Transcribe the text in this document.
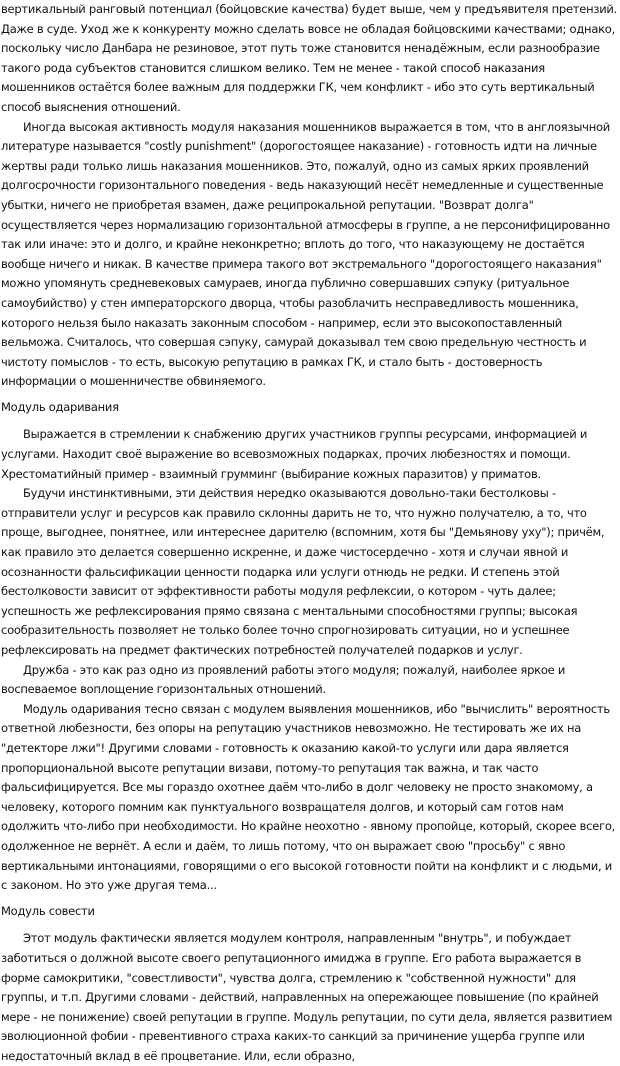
вертикальный ранговый потенциал (бойцовские качества) будет выше, чем у предъявителя претензий. Даже в суде. Уход же к конкуренту можно сделать вовсе не обладая бойцовскими качествами; однако, поскольку число Данбара не резиновое, этот путь тоже становится ненадёжным, если разнообразие такого рода субъектов становится слишком велико. Тем не менее - такой способ наказания мошенников остаётся более важным для поддержки ГК, чем конфликт - ибо это суть вертикальный способ выяснения отношений.

Иногда высокая активность модуля наказания мошенников выражается в том, что в англоязычной литературе называется "costly punishment" (дорогостоящее наказание) - готовность идти на личные жертвы ради только лишь наказания мошенников. Это, пожалуй, одно из самых ярких проявлений долгосрочности горизонтального поведения - ведь наказующий несёт немедленные и существенные убытки, ничего не приобретая взамен, даже реципрокальной репутации. "Возврат долга" осуществляется через нормализацию горизонтальной атмосферы в группе, а не персонифицированно так или иначе: это и долго, и крайне неконкретно; вплоть до того, что наказующему не достаётся вообще ничего и никак. В качестве примера такого вот экстремального "дорогостоящего наказания" можно упомянуть средневековых самураев, иногда публично совершавших сэпуку (ритуальное самоубийство) у стен императорского дворца, чтобы разоблачить несправедливость мошенника, которого нельзя было наказать законным способом - например, если это высокопоставленный вельможа. Считалось, что совершая сэпуку, самурай доказывал тем свою предельную честность и чистоту помыслов - то есть, высокую репутацию в рамках ГК, и стало быть - достоверность информации о мошенничестве обвиняемого.

Модуль одаривания

Выражается в стремлении к снабжению других участников группы ресурсами, информацией и услугами. Находит своё выражение во всевозможных подарках, прочих любезностях и помощи. Хрестоматийный пример - взаимный грумминг (выбирание кожных паразитов) у приматов.

Будучи инстинктивными, эти действия нередко оказываются довольно-таки бестолковы - отправители услуг и ресурсов как правило склонны дарить не то, что нужно получателю, а то, что проще, выгоднее, понятнее, или интереснее дарителю (вспомним, хотя бы "Демьянову уху"); причём, как правило это делается совершенно искренне, и даже чистосердечно - хотя и случаи явной и осознанности фальсификации ценности подарка или услуги отнюдь не редки. И степень этой бестолковости зависит от эффективности работы модуля рефлексии, о котором - чуть далее; успешность же рефлексирования прямо связана с ментальными способностями группы; высокая сообразительность позволяет не только более точно спрогнозировать ситуации, но и успешнее рефлексировать на предмет фактических потребностей получателей подарков и услуг.

Дружба - это как раз одно из проявлений работы этого модуля; пожалуй, наиболее яркое и воспеваемое воплощение горизонтальных отношений.

Модуль одаривания тесно связан с модулем выявления мошенников, ибо "вычислить" вероятность ответной любезности, без опоры на репутацию участников невозможно. Не тестировать же их на "детекторе лжи"! Другими словами - готовность к оказанию какой-то услуги или дара является пропорциональной высоте репутации визави, потому-то репутация так важна, и так часто фальсифицируется. Все мы гораздо охотнее даём что-либо в долг человеку не просто знакомому, а человеку, которого помним как пунктуального возвращателя долгов, и который сам готов нам одолжить что-либо при необходимости. Но крайне неохотно - явному пропойце, который, скорее всего, одолженное не вернёт. А если и даём, то лишь потому, что он выражает свою "просьбу" с явно вертикальными интонациями, говорящими о его высокой готовности пойти на конфликт и с людьми, и с законом. Но это уже другая тема...

Модуль совести

Этот модуль фактически является модулем контроля, направленным "внутрь", и побуждает заботиться о должной высоте своего репутационного имиджа в группе. Его работа выражается в форме самокритики, "совестливости", чувства долга, стремлению к "собственной нужности" для группы, и т.п. Другими словами - действий, направленных на опережающее повышение (по крайней мере - не понижение) своей репутации в группе. Модуль репутации, по сути дела, является развитием эволюционной фобии - превентивного страха каких-то санкций за причинение ущерба группе или недостаточный вклад в её процветание. Или, если образно,
